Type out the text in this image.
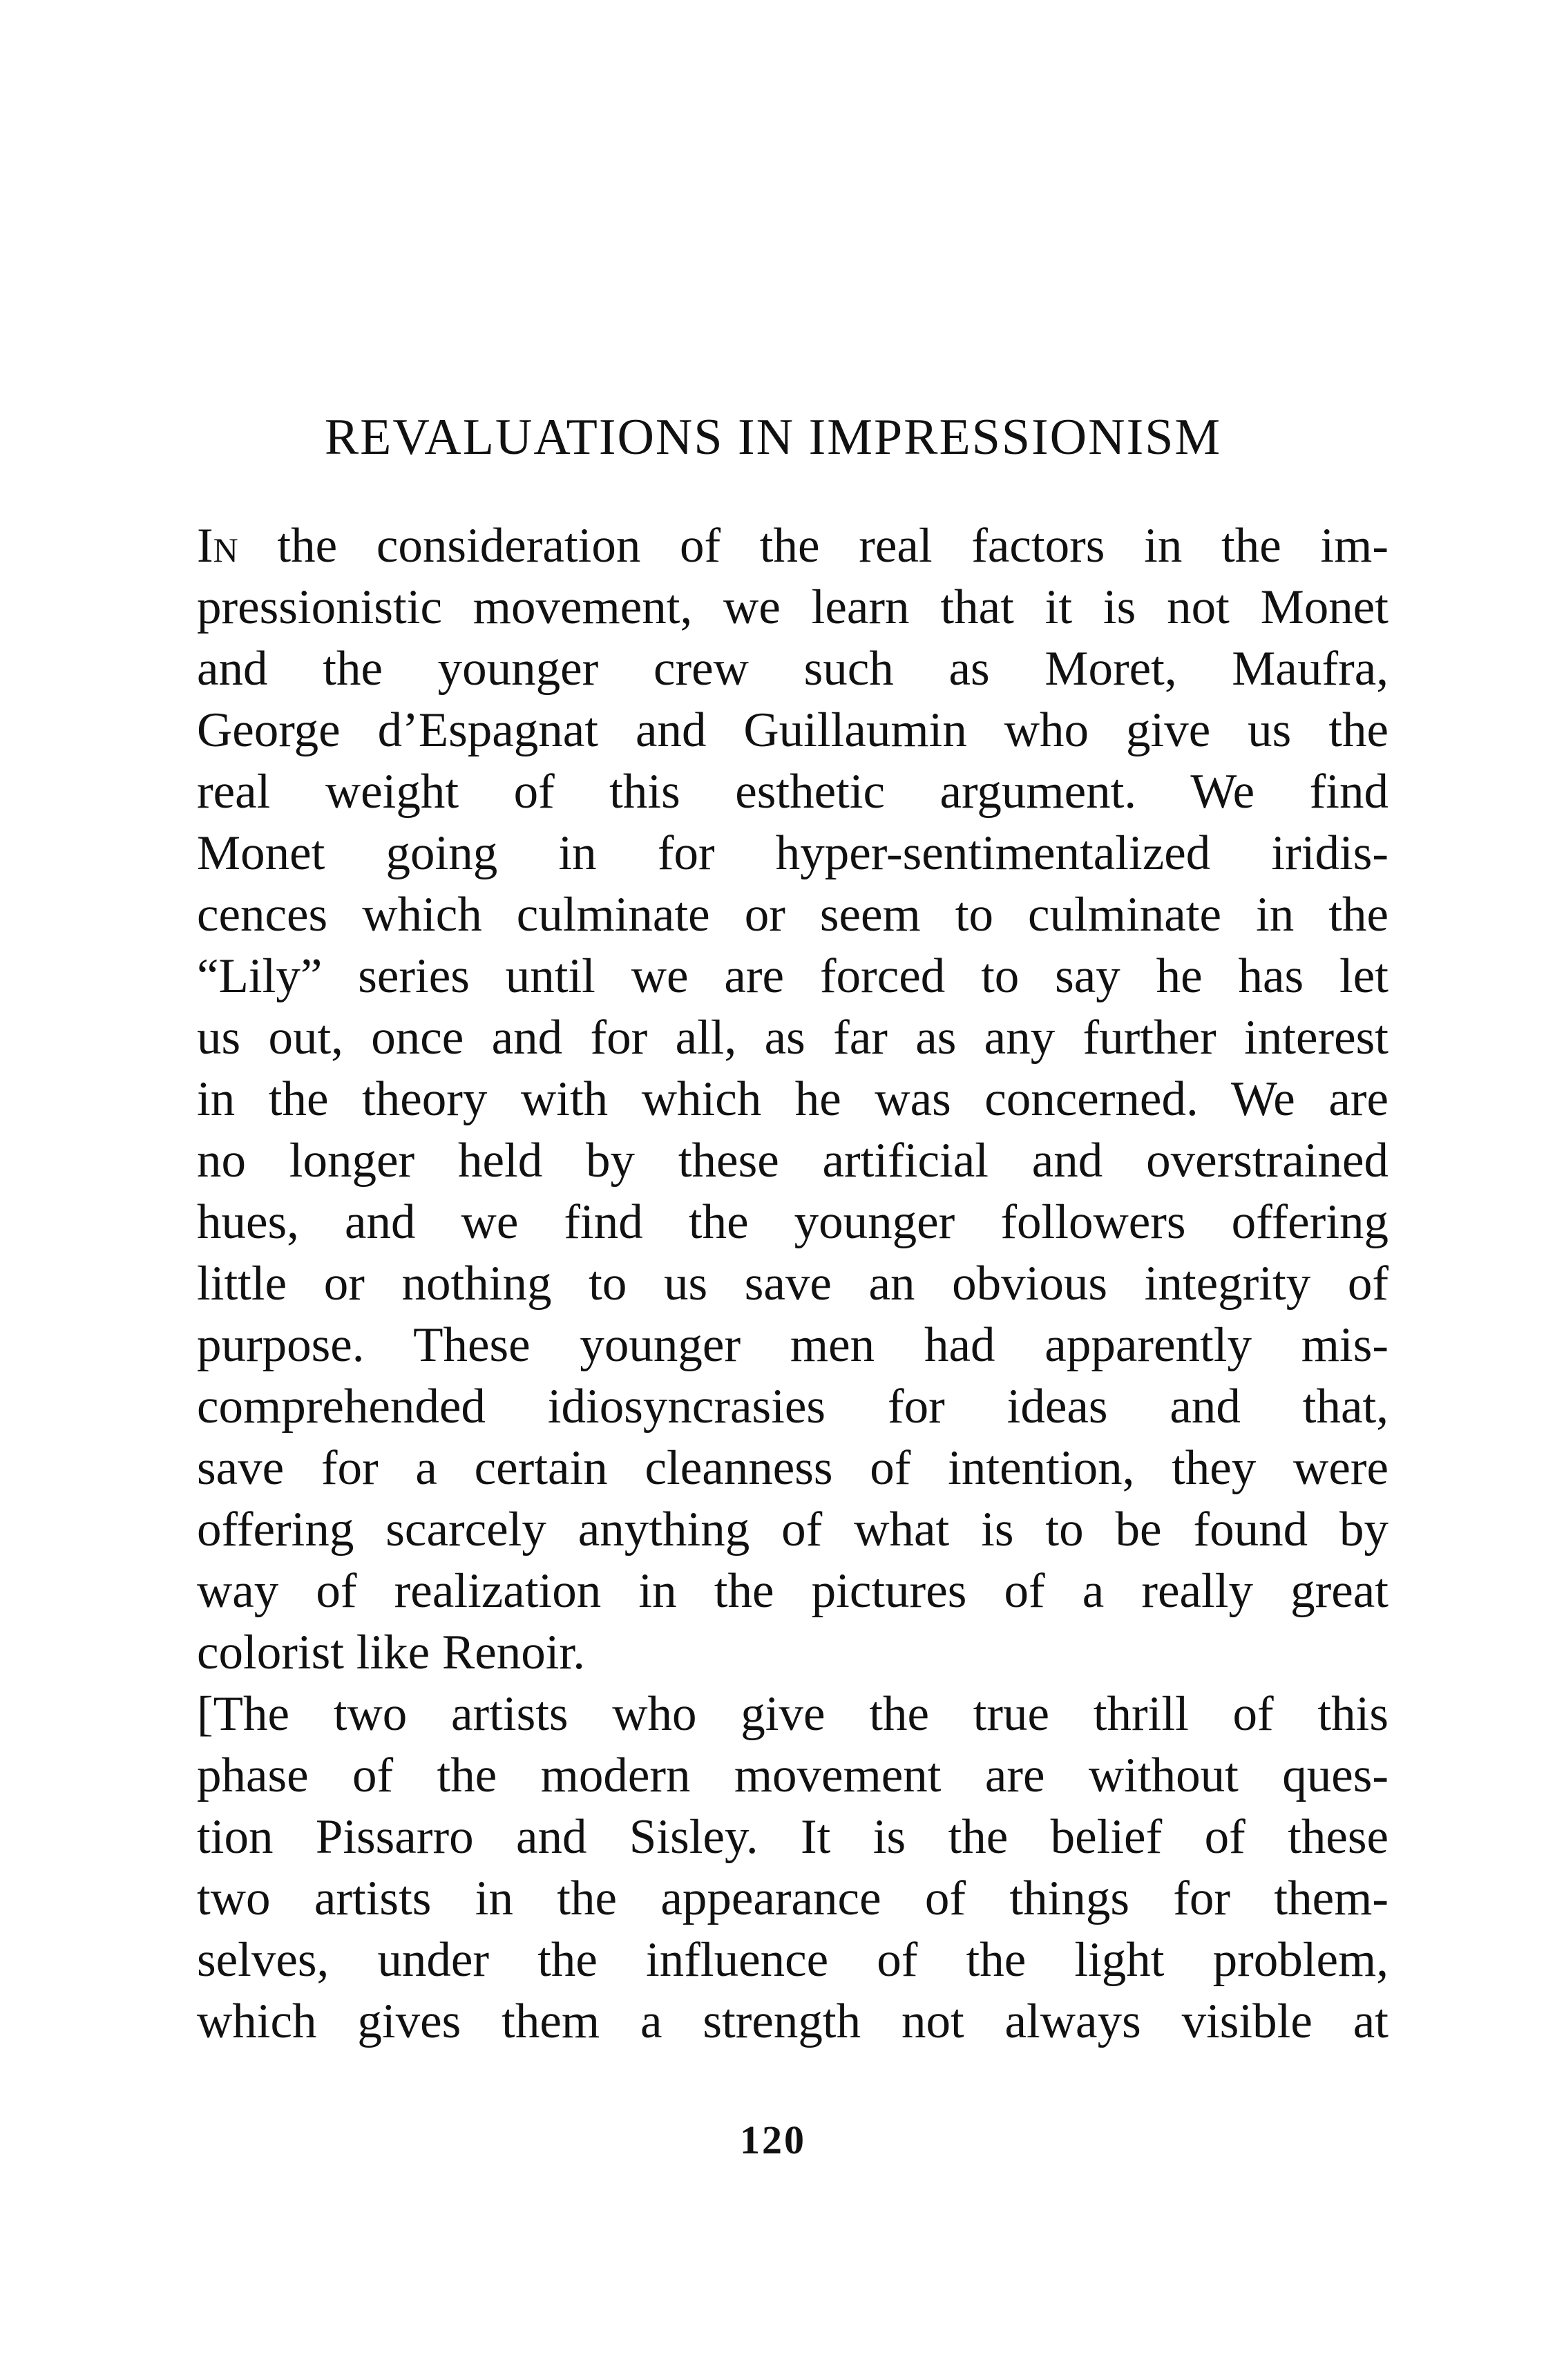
REVALUATIONS IN IMPRESSIONISM
In the consideration of the real factors in the im-
pressionistic movement, we learn that it is not Monet
and the younger crew such as Moret, Maufra,
George d’Espagnat and Guillaumin who give us the
real weight of this esthetic argument. We find
Monet going in for hyper-sentimentalized iridis-
cences which culminate or seem to culminate in the
“Lily” series until we are forced to say he has let
us out, once and for all, as far as any further interest
in the theory with which he was concerned. We are
no longer held by these artificial and overstrained
hues, and we find the younger followers offering
little or nothing to us save an obvious integrity of
purpose. These younger men had apparently mis-
comprehended idiosyncrasies for ideas and that,
save for a certain cleanness of intention, they were
offering scarcely anything of what is to be found by
way of realization in the pictures of a really great
colorist like Renoir.
[The two artists who give the true thrill of this
phase of the modern movement are without ques-
tion Pissarro and Sisley. It is the belief of these
two artists in the appearance of things for them-
selves, under the influence of the light problem,
which gives them a strength not always visible at
120
